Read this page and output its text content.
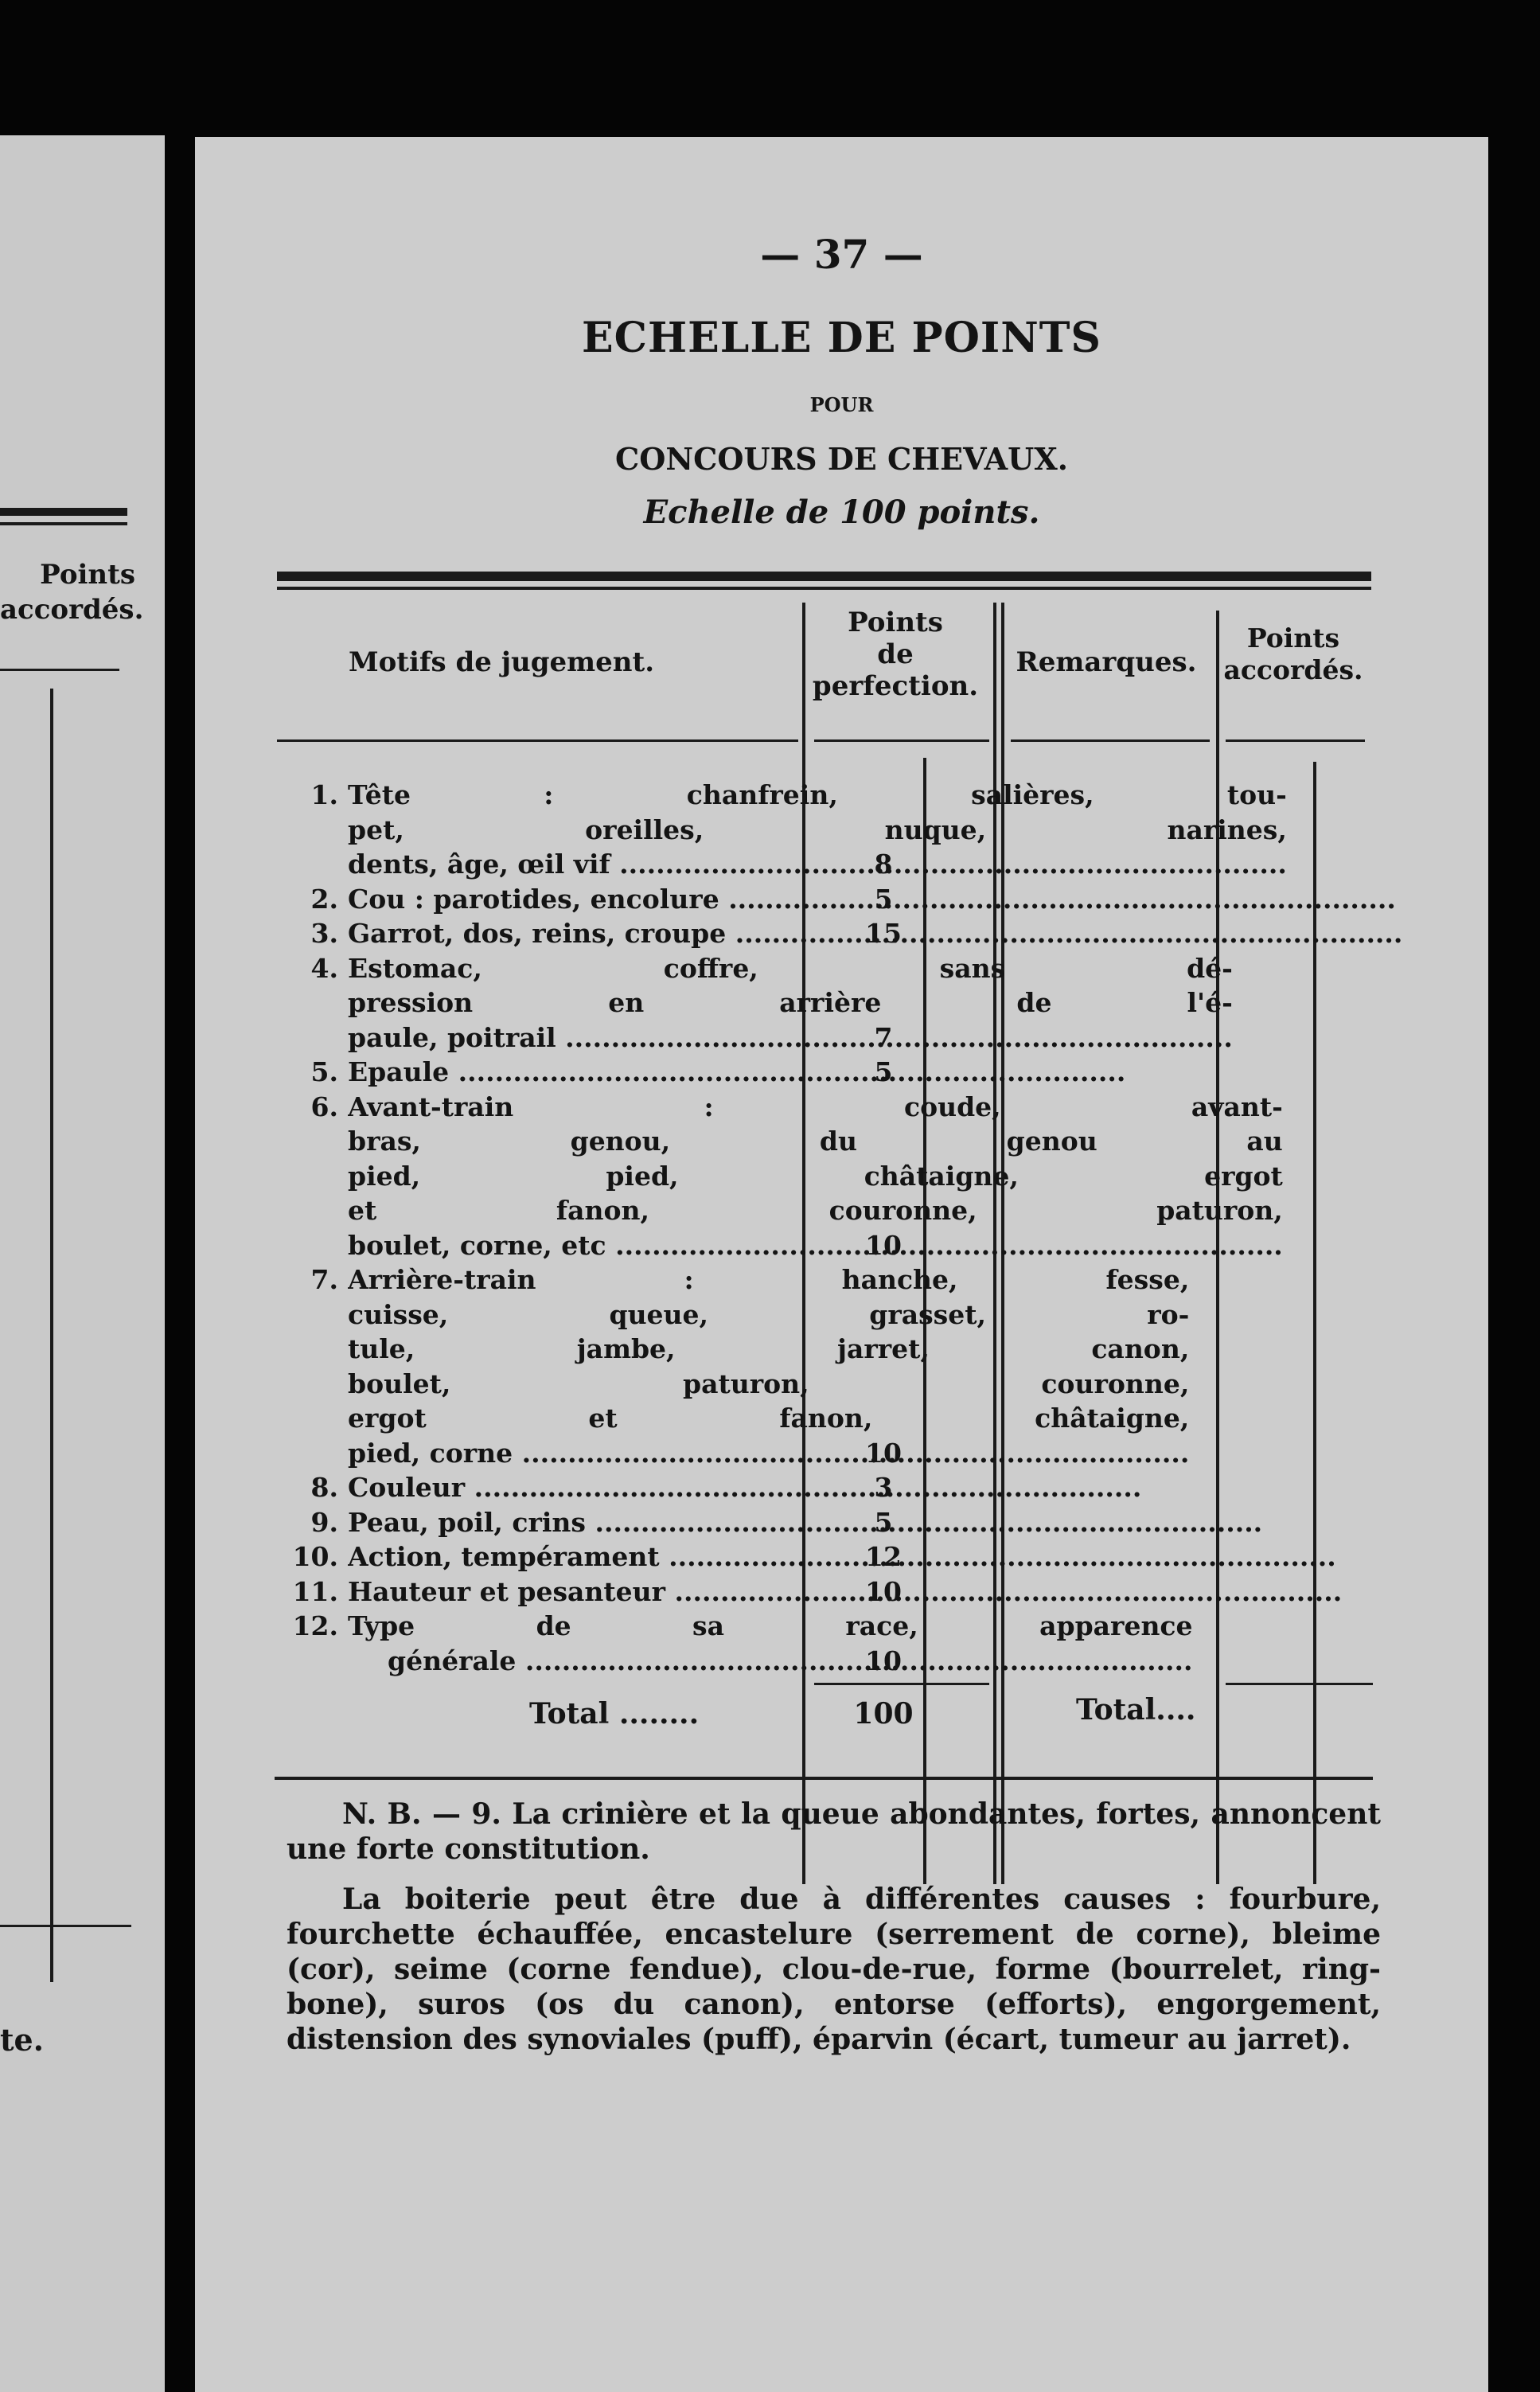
Points
accordés.
te.
— 37 —
ECHELLE DE POINTS
POUR
CONCOURS DE CHEVAUX.
Echelle de 100 points.
Motifs de jugement.
Points
de
perfection.
Remarques.
Points
accordés.
1. Tête : chanfrein, salières, tou-
pet, oreilles, nuque, narines,
dents, âge, œil vif .....
2. Cou : parotides, encolure .....
3. Garrot, dos, reins, croupe .....
4. Estomac, coffre, sans dé-
pression en arrière de l'é-
paule, poitrail .....
5. Epaule .....
6. Avant-train : coude, avant-
bras, genou, du genou au
pied, pied, châtaigne, ergot
et fanon, couronne, paturon,
boulet, corne, etc .....
7. Arrière-train : hanche, fesse,
cuisse, queue, grasset, ro-
tule, jambe, jarret, canon,
boulet, paturon, couronne,
ergot et fanon, châtaigne,
pied, corne .....
8. Couleur .....
9. Peau, poil, crins .....
10. Action, tempérament .....
11. Hauteur et pesanteur .....
12. Type de sa race, apparence
générale .....

8
5
15

7
5

10

10
3
5
12
10

10
Total .....	100	Total....

N. B. — 9. La crinière et la queue abondantes, fortes, annoncent une forte constitution.

La boiterie peut être due à différentes causes : fourbure, fourchette échauffée, encastelure (serrement de corne), bleime (cor), seime (corne fendue), clou-de-rue, forme (bourrelet, ring-bone), suros (os du canon), entorse (efforts), engorgement, distension des synoviales (puff), éparvin (écart, tumeur au jarret).
